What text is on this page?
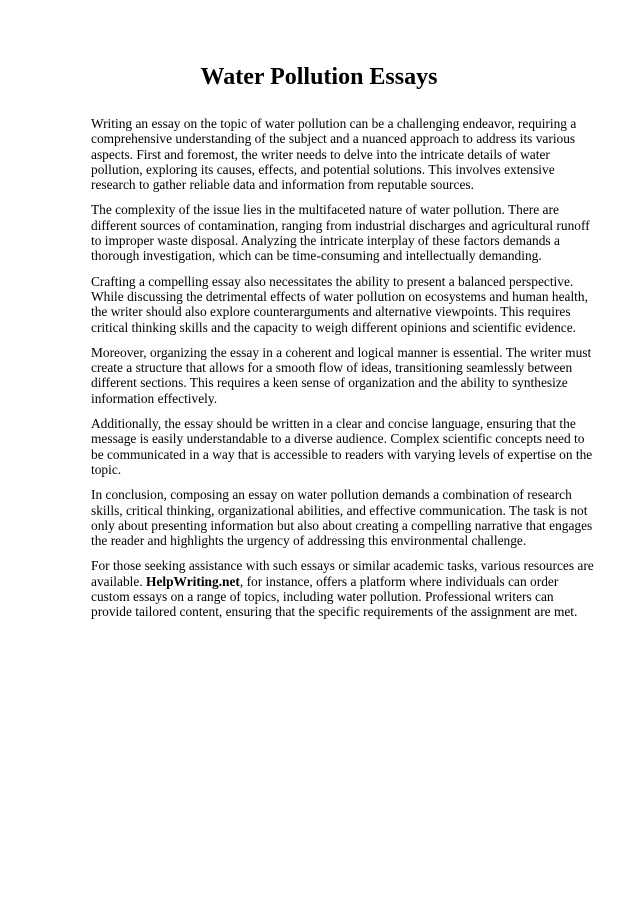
Water Pollution Essays

Writing an essay on the topic of water pollution can be a challenging endeavor, requiring a comprehensive understanding of the subject and a nuanced approach to address its various aspects. First and foremost, the writer needs to delve into the intricate details of water pollution, exploring its causes, effects, and potential solutions. This involves extensive research to gather reliable data and information from reputable sources.

The complexity of the issue lies in the multifaceted nature of water pollution. There are different sources of contamination, ranging from industrial discharges and agricultural runoff to improper waste disposal. Analyzing the intricate interplay of these factors demands a thorough investigation, which can be time-consuming and intellectually demanding.

Crafting a compelling essay also necessitates the ability to present a balanced perspective. While discussing the detrimental effects of water pollution on ecosystems and human health, the writer should also explore counterarguments and alternative viewpoints. This requires critical thinking skills and the capacity to weigh different opinions and scientific evidence.

Moreover, organizing the essay in a coherent and logical manner is essential. The writer must create a structure that allows for a smooth flow of ideas, transitioning seamlessly between different sections. This requires a keen sense of organization and the ability to synthesize information effectively.

Additionally, the essay should be written in a clear and concise language, ensuring that the message is easily understandable to a diverse audience. Complex scientific concepts need to be communicated in a way that is accessible to readers with varying levels of expertise on the topic.

In conclusion, composing an essay on water pollution demands a combination of research skills, critical thinking, organizational abilities, and effective communication. The task is not only about presenting information but also about creating a compelling narrative that engages the reader and highlights the urgency of addressing this environmental challenge.

For those seeking assistance with such essays or similar academic tasks, various resources are available. HelpWriting.net, for instance, offers a platform where individuals can order custom essays on a range of topics, including water pollution. Professional writers can provide tailored content, ensuring that the specific requirements of the assignment are met.
